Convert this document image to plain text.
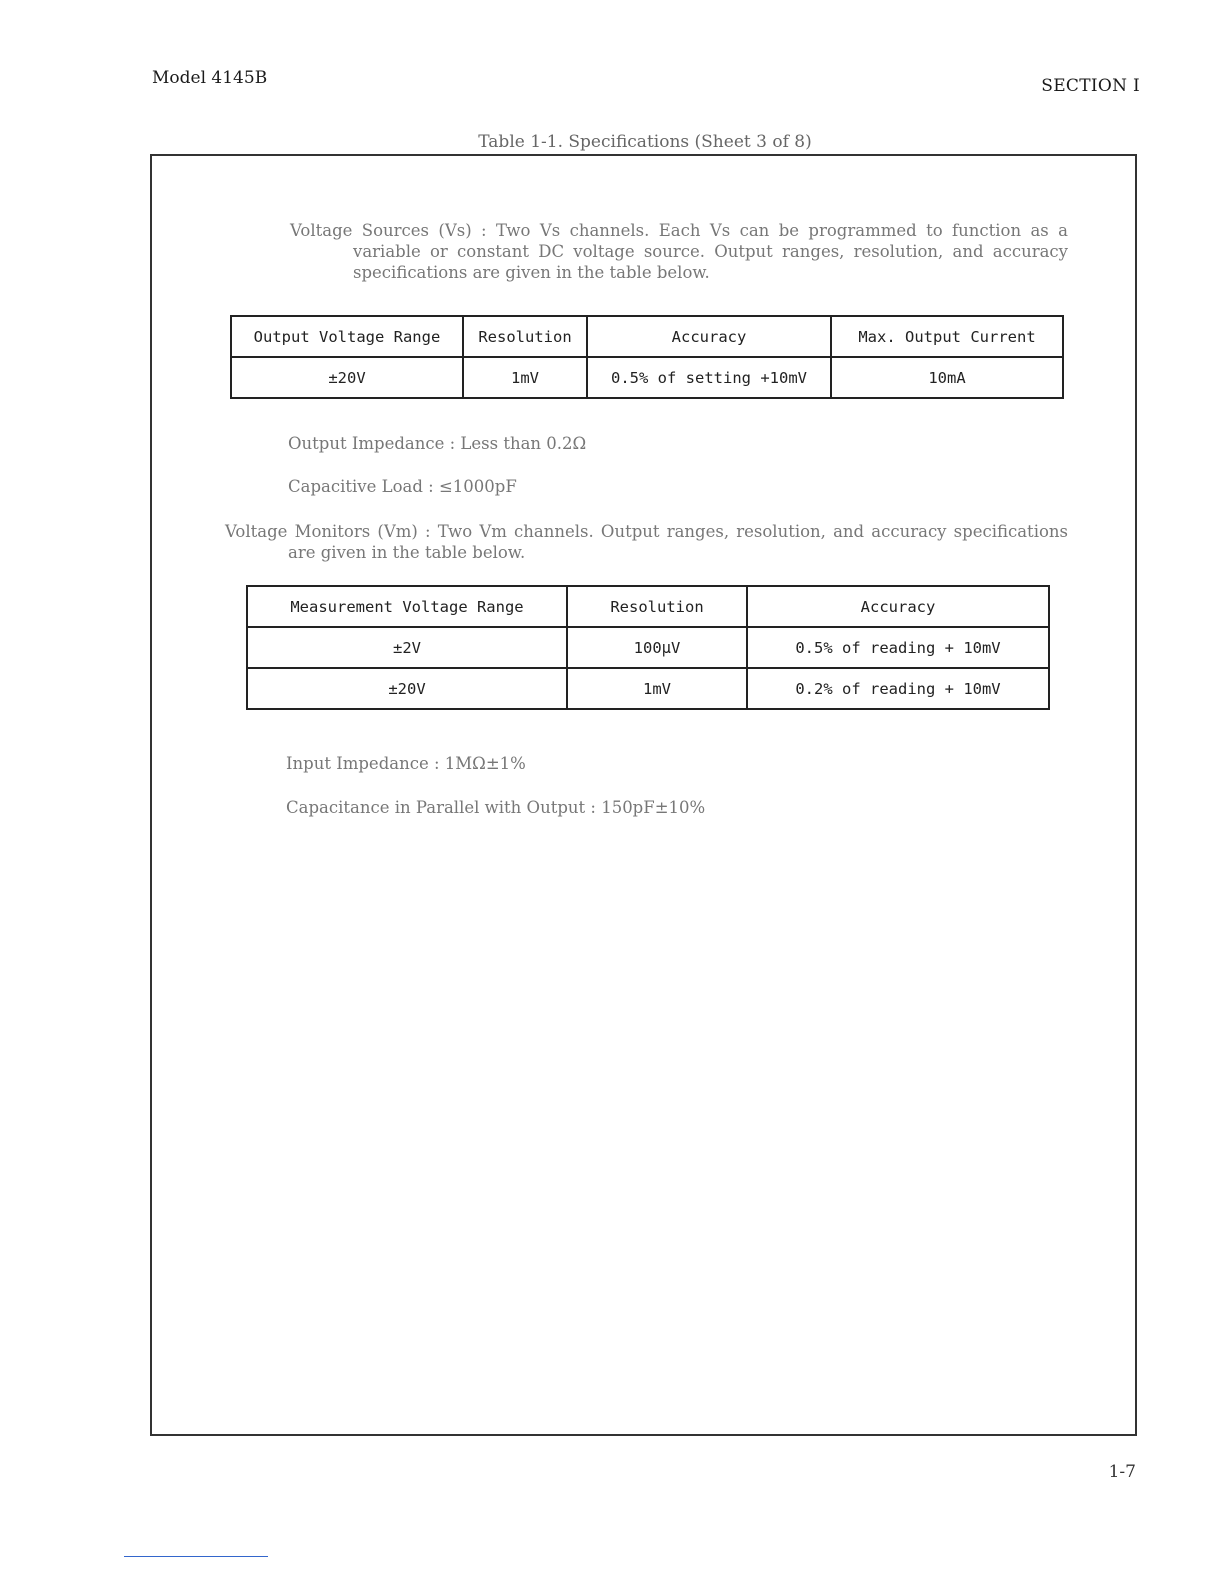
Model 4145B	SECTION I
Table 1-1. Specifications (Sheet 3 of 8)
Voltage Sources (Vs) : Two Vs channels. Each Vs can be programmed to function as a variable or constant DC voltage source. Output ranges, resolution, and accuracy specifications are given in the table below.
Output Voltage Range	Resolution	Accuracy	Max. Output Current
±20V	1mV	0.5% of setting +10mV	10mA
Output Impedance : Less than 0.2Ω
Capacitive Load : ≤1000pF
Voltage Monitors (Vm) : Two Vm channels. Output ranges, resolution, and accuracy specifications are given in the table below.
Measurement Voltage Range	Resolution	Accuracy
±2V	100μV	0.5% of reading + 10mV
±20V	1mV	0.2% of reading + 10mV
Input Impedance : 1MΩ±1%
Capacitance in Parallel with Output : 150pF±10%
1-7
